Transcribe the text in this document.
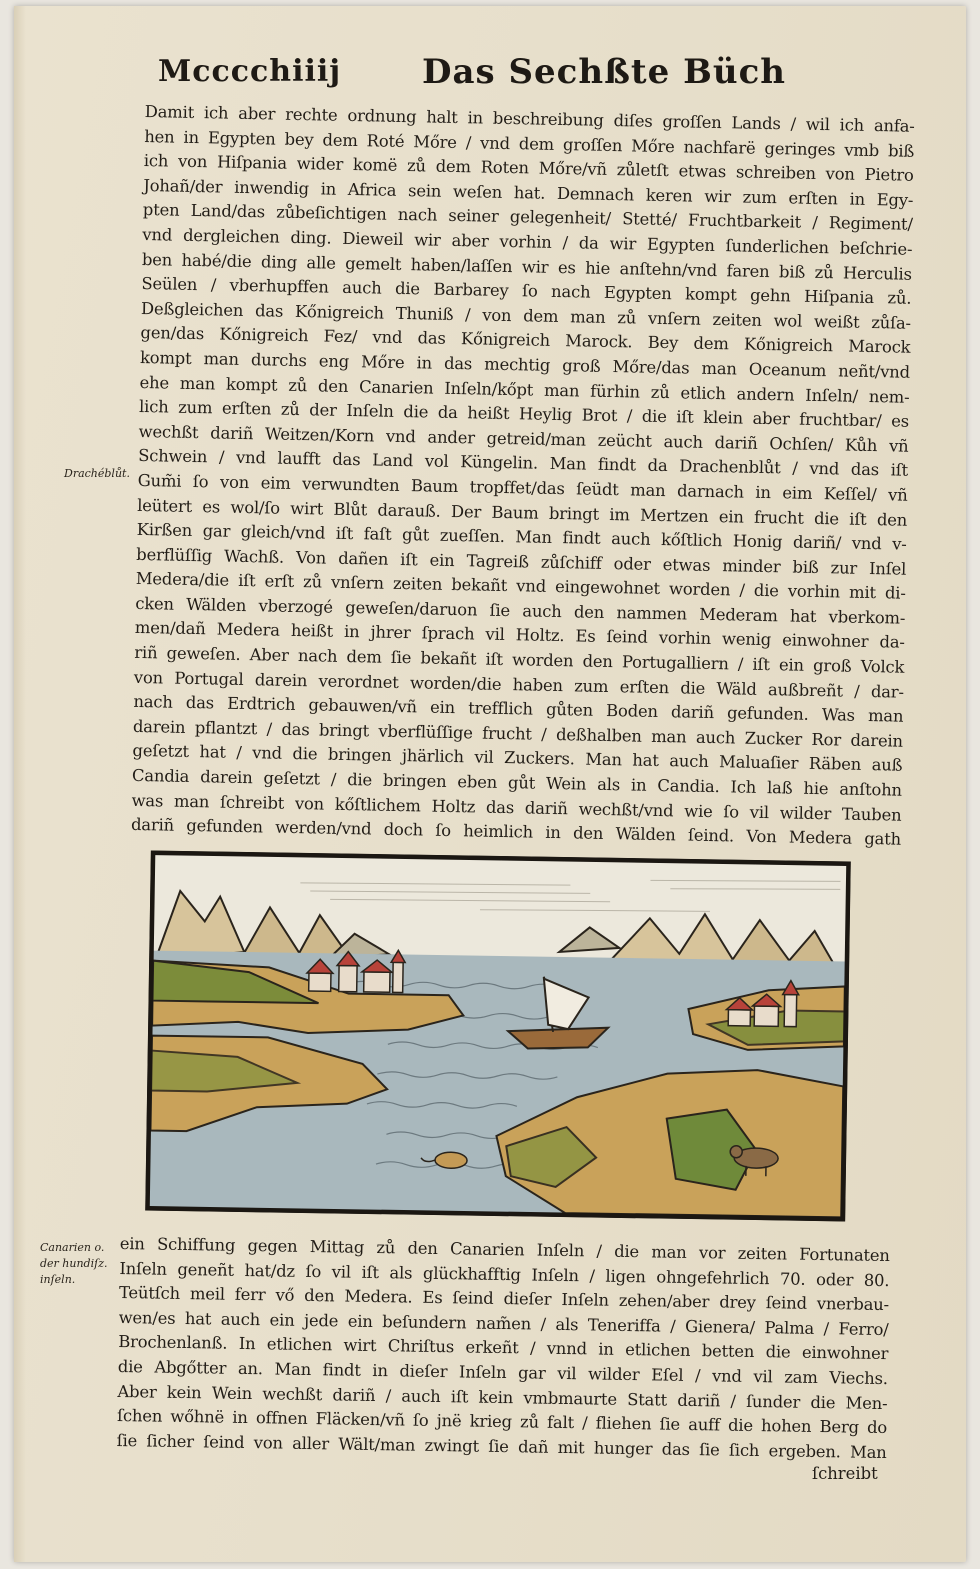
Mcccchiiij Das Sechßte Büch
Damit ich aber rechte ordnung halt in beschreibung diſes groſſen Lands / wil ich anfa-
hen in Egypten bey dem Roté Mőre / vnd dem groſſen Mőre nachfarë geringes vmb biß
ich von Hiſpania wider komë zů dem Roten Mőre/vñ zůletſt etwas schreiben von Pietro
Johañ/der inwendig in Africa sein weſen hat. Demnach keren wir zum erſten in Egy-
pten Land/das zůbeſichtigen nach seiner gelegenheit/ Stetté/ Fruchtbarkeit / Regiment/
vnd dergleichen ding. Dieweil wir aber vorhin / da wir Egypten ſunderlichen beſchrie-
ben habé/die ding alle gemelt haben/laſſen wir es hie anſtehn/vnd faren biß zů Herculis
Seülen / vberhupffen auch die Barbarey ſo nach Egypten kompt gehn Hiſpania zů.
Deßgleichen das Kőnigreich Thuniß / von dem man zů vnſern zeiten wol weißt zůſa-
gen/das Kőnigreich Fez/ vnd das Kőnigreich Marock. Bey dem Kőnigreich Marock
kompt man durchs eng Mőre in das mechtig groß Mőre/das man Oceanum neñt/vnd
ehe man kompt zů den Canarien Inſeln/kőpt man fürhin zů etlich andern Inſeln/ nem-
lich zum erſten zů der Inſeln die da heißt Heylig Brot / die iſt klein aber fruchtbar/ es
wechßt dariñ Weitzen/Korn vnd ander getreid/man zeücht auch dariñ Ochſen/ Kůh vñ
Schwein / vnd laufft das Land vol Küngelin. Man findt da Drachenblůt / vnd das iſt
Gum̃i ſo von eim verwundten Baum tropffet/das ſeüdt man darnach in eim Keſſel/ vñ
leütert es wol/ſo wirt Blůt darauß. Der Baum bringt im Mertzen ein frucht die iſt den
Kirßen gar gleich/vnd iſt faſt gůt zueſſen. Man findt auch kőſtlich Honig dariñ/ vnd v-
berflüſſig Wachß. Von dañen iſt ein Tagreiß zůſchiff oder etwas minder biß zur Inſel
Medera/die iſt erſt zů vnſern zeiten bekañt vnd eingewohnet worden / die vorhin mit di-
cken Wälden vberzogé geweſen/daruon ſie auch den nammen Mederam hat vberkom-
men/dañ Medera heißt in jhrer ſprach vil Holtz. Es ſeind vorhin wenig einwohner da-
riñ geweſen. Aber nach dem ſie bekañt iſt worden den Portugalliern / iſt ein groß Volck
von Portugal darein verordnet worden/die haben zum erſten die Wäld außbreñt / dar-
nach das Erdtrich gebauwen/vñ ein trefflich gůten Boden dariñ gefunden. Was man
darein pflantzt / das bringt vberflüſſige frucht / deßhalben man auch Zucker Ror darein
geſetzt hat / vnd die bringen jhärlich vil Zuckers. Man hat auch Maluaſier Räben auß
Candia darein geſetzt / die bringen eben gůt Wein als in Candia. Ich laß hie anſtohn
was man ſchreibt von kőſtlichem Holtz das dariñ wechßt/vnd wie ſo vil wilder Tauben
dariñ gefunden werden/vnd doch ſo heimlich in den Wälden ſeind. Von Medera gath
Drachéblůt.
Canarien o.
der hundiſz.
inſeln.
ein Schiffung gegen Mittag zů den Canarien Inſeln / die man vor zeiten Fortunaten
Inſeln geneñt hat/dz ſo vil iſt als glückhafftig Inſeln / ligen ohngefehrlich 70. oder 80.
Teütſch meil ferr vő den Medera. Es ſeind dieſer Inſeln zehen/aber drey ſeind vnerbau-
wen/es hat auch ein jede ein beſundern nam̃en / als Teneriffa / Gienera/ Palma / Ferro/
Brochenlanß. In etlichen wirt Chriſtus erkeñt / vnnd in etlichen betten die einwohner
die Abgőtter an. Man findt in dieſer Inſeln gar vil wilder Eſel / vnd vil zam Viechs.
Aber kein Wein wechßt dariñ / auch iſt kein vmbmaurte Statt dariñ / ſunder die Men-
ſchen wőhnë in offnen Fläcken/vñ ſo jnë krieg zů falt / fliehen ſie auff die hohen Berg do
ſie ſicher ſeind von aller Wält/man zwingt ſie dañ mit hunger das ſie ſich ergeben. Man
ſchreibt
